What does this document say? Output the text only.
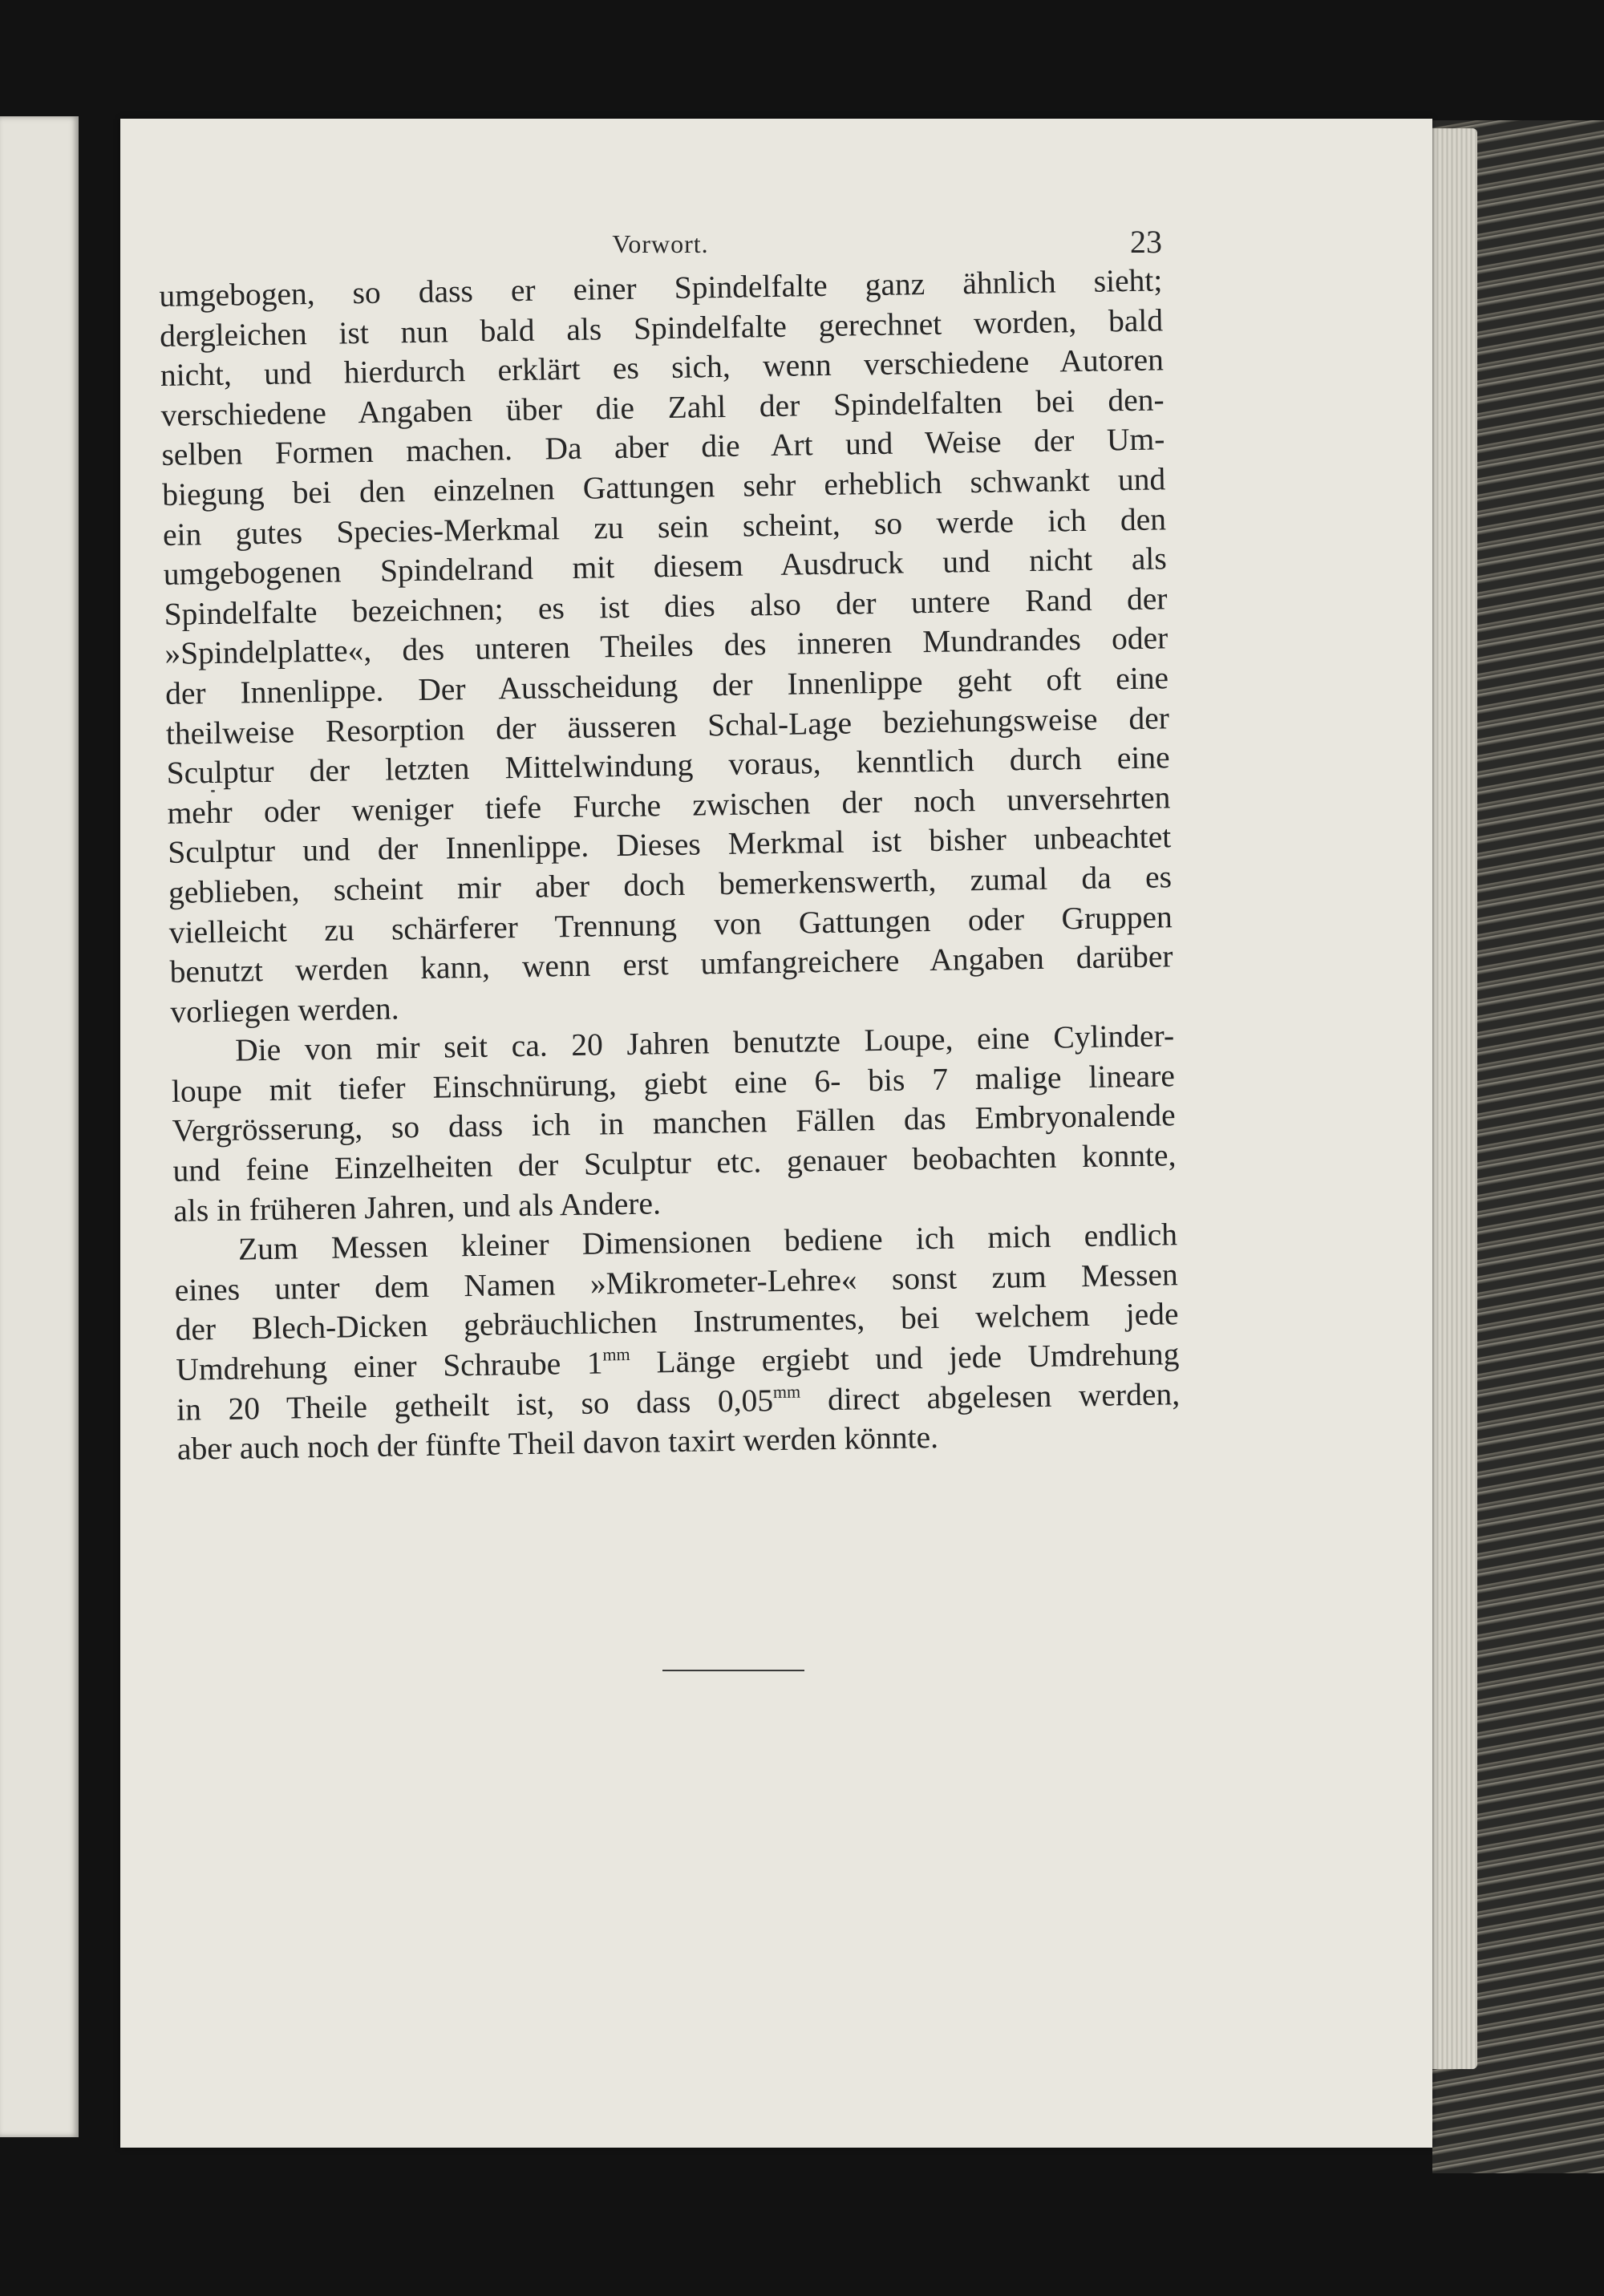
Vorwort.	23

umgebogen, so dass er einer Spindelfalte ganz ähnlich sieht;
dergleichen ist nun bald als Spindelfalte gerechnet worden, bald
nicht, und hierdurch erklärt es sich, wenn verschiedene Autoren
verschiedene Angaben über die Zahl der Spindelfalten bei den-
selben Formen machen. Da aber die Art und Weise der Um-
biegung bei den einzelnen Gattungen sehr erheblich schwankt und
ein gutes Species-Merkmal zu sein scheint, so werde ich den
umgebogenen Spindelrand mit diesem Ausdruck und nicht als
Spindelfalte bezeichnen; es ist dies also der untere Rand der
»Spindelplatte«, des unteren Theiles des inneren Mundrandes oder
der Innenlippe. Der Ausscheidung der Innenlippe geht oft eine
theilweise Resorption der äusseren Schal-Lage beziehungsweise der
Sculptur der letzten Mittelwindung voraus, kenntlich durch eine
mehr oder weniger tiefe Furche zwischen der noch unversehrten
Sculptur und der Innenlippe. Dieses Merkmal ist bisher unbeachtet
geblieben, scheint mir aber doch bemerkenswerth, zumal da es
vielleicht zu schärferer Trennung von Gattungen oder Gruppen
benutzt werden kann, wenn erst umfangreichere Angaben darüber
vorliegen werden.

Die von mir seit ca. 20 Jahren benutzte Loupe, eine Cylinder-
loupe mit tiefer Einschnürung, giebt eine 6- bis 7 malige lineare
Vergrösserung, so dass ich in manchen Fällen das Embryonalende
und feine Einzelheiten der Sculptur etc. genauer beobachten konnte,
als in früheren Jahren, und als Andere.

Zum Messen kleiner Dimensionen bediene ich mich endlich
eines unter dem Namen »Mikrometer-Lehre« sonst zum Messen
der Blech-Dicken gebräuchlichen Instrumentes, bei welchem jede
Umdrehung einer Schraube $1^{mm}$ Länge ergiebt und jede Umdrehung
in 20 Theile getheilt ist, so dass $0,05^{mm}$ direct abgelesen werden,
aber auch noch der fünfte Theil davon taxirt werden könnte.
